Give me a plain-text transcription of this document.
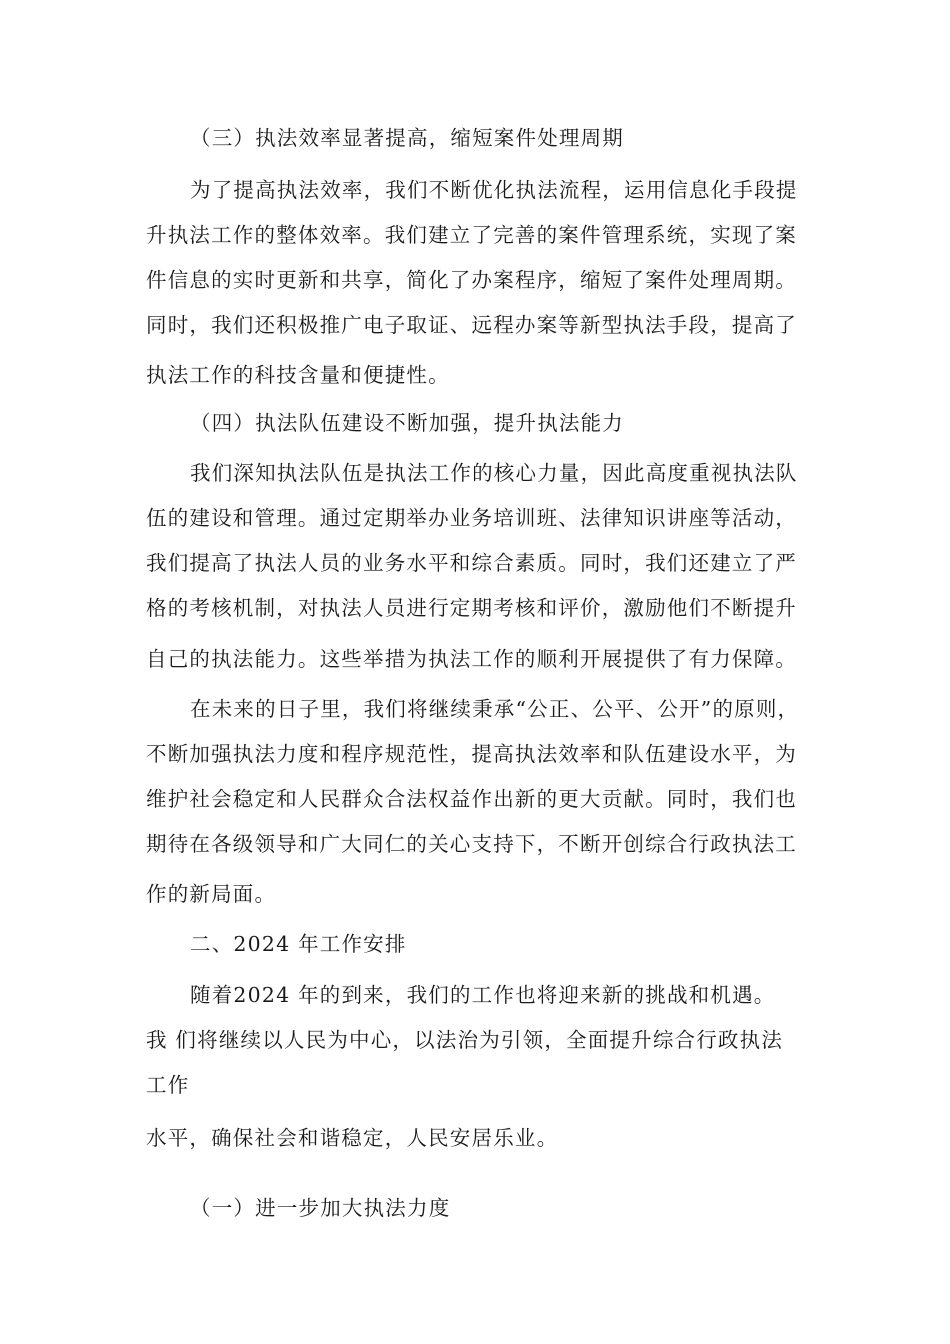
（三）执法效率显著提高，缩短案件处理周期
为了提高执法效率，我们不断优化执法流程，运用信息化手段提
升执法工作的整体效率。我们建立了完善的案件管理系统，实现了案
件信息的实时更新和共享，简化了办案程序，缩短了案件处理周期。
同时，我们还积极推广电子取证、远程办案等新型执法手段，提高了
执法工作的科技含量和便捷性。
（四）执法队伍建设不断加强，提升执法能力
我们深知执法队伍是执法工作的核心力量，因此高度重视执法队
伍的建设和管理。通过定期举办业务培训班、法律知识讲座等活动，
我们提高了执法人员的业务水平和综合素质。同时，我们还建立了严
格的考核机制，对执法人员进行定期考核和评价，激励他们不断提升
自己的执法能力。这些举措为执法工作的顺利开展提供了有力保障。
在未来的日子里，我们将继续秉承“公正、公平、公开”的原则，
不断加强执法力度和程序规范性，提高执法效率和队伍建设水平，为
维护社会稳定和人民群众合法权益作出新的更大贡献。同时，我们也
期待在各级领导和广大同仁的关心支持下，不断开创综合行政执法工
作的新局面。
二、2024 年工作安排
随着2024 年的到来，我们的工作也将迎来新的挑战和机遇。
我 们将继续以人民为中心，以法治为引领，全面提升综合行政执法
工作
水平，确保社会和谐稳定，人民安居乐业。
（一）进一步加大执法力度
